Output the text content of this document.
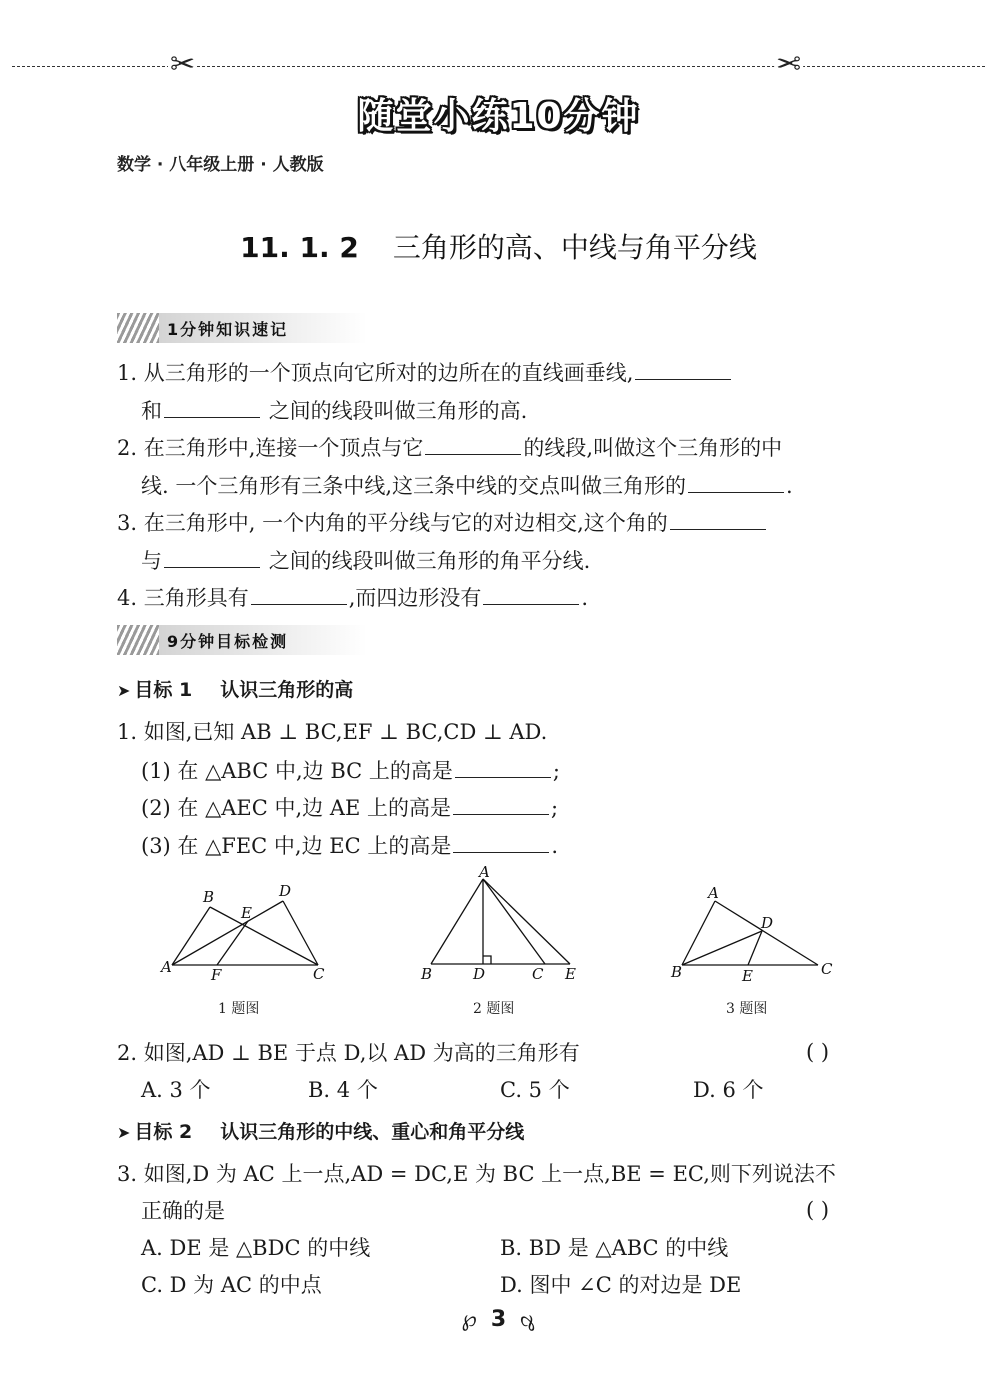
✂	✂
随堂小练10分钟
数学 · 八年级上册 · 人教版
11. 1. 2 三角形的高、中线与角平分线
1分钟知识速记
1. 从三角形的一个顶点向它所对的边所在的直线画垂线,
和	之间的线段叫做三角形的高.
2. 在三角形中,连接一个顶点与它	的线段,叫做这个三角形的中
线. 一个三角形有三条中线,这三条中线的交点叫做三角形的	.
3. 在三角形中, 一个内角的平分线与它的对边相交,这个角的
与	之间的线段叫做三角形的角平分线.
4. 三角形具有	,而四边形没有	.
9分钟目标检测
➤ 目标 1 认识三角形的高
1. 如图,已知 AB ⊥ BC,EF ⊥ BC,CD ⊥ AD.
(1) 在 △ABC 中,边 BC 上的高是	;
(2) 在 △AEC 中,边 AE 上的高是	;
(3) 在 △FEC 中,边 EC 上的高是	.
A
B	D
E
F	C
1 题图
A
B	D	C E
2 题图
A
D
B	E	C
3 题图
2. 如图,AD ⊥ BE 于点 D,以 AD 为高的三角形有	( )
A. 3 个	B. 4 个	C. 5 个	D. 6 个
➤ 目标 2 认识三角形的中线、重心和角平分线
3. 如图,D 为 AC 上一点,AD = DC,E 为 BC 上一点,BE = EC,则下列说法不
正确的是	( )
A. DE 是 △BDC 的中线	B. BD 是 △ABC 的中线
C. D 为 AC 的中点	D. 图中 ∠C 的对边是 DE
℘ 3 ℘
